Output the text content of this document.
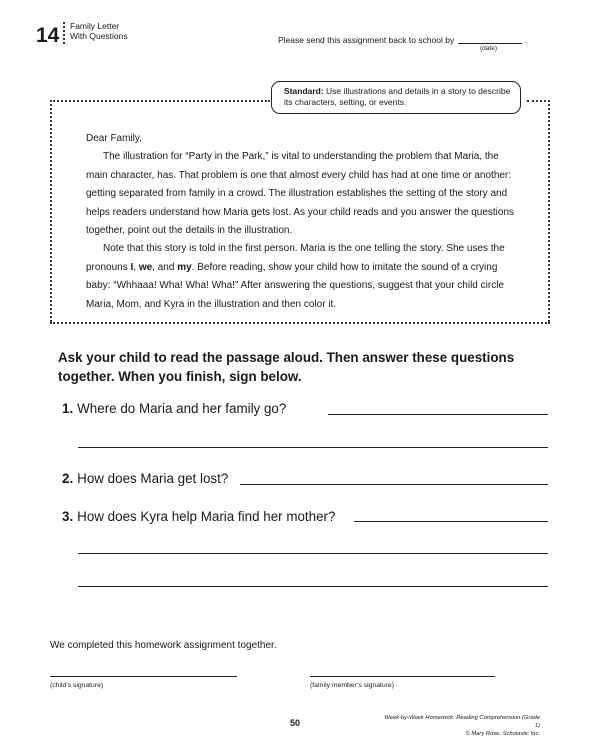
14 Family Letter
With Questions	Please send this assignment back to school by	.
(date)
Standard: Use illustrations and details in a story to describe its characters, setting, or events.

Dear Family,

The illustration for “Party in the Park,” is vital to understanding the problem that Maria, the main character, has. That problem is one that almost every child has had at one time or another: getting separated from family in a crowd. The illustration establishes the setting of the story and helps readers understand how Maria gets lost. As your child reads and you answer the questions together, point out the details in the illustration.

Note that this story is told in the first person. Maria is the one telling the story. She uses the pronouns I, we, and my. Before reading, show your child how to imitate the sound of a crying baby: “Whhaaa! Wha! Wha! Wha!” After answering the questions, suggest that your child circle Maria, Mom, and Kyra in the illustration and then color it.

Ask your child to read the passage aloud. Then answer these questions together. When you finish, sign below.
1. Where do Maria and her family go?
2. How does Maria get lost?
3. How does Kyra help Maria find her mother?
We completed this homework assignment together.
(child’s signature)	(family member’s signature)
50	Week-by-Week Homework: Reading Comprehension (Grade 1)
© Mary Rose, Scholastic Inc.
